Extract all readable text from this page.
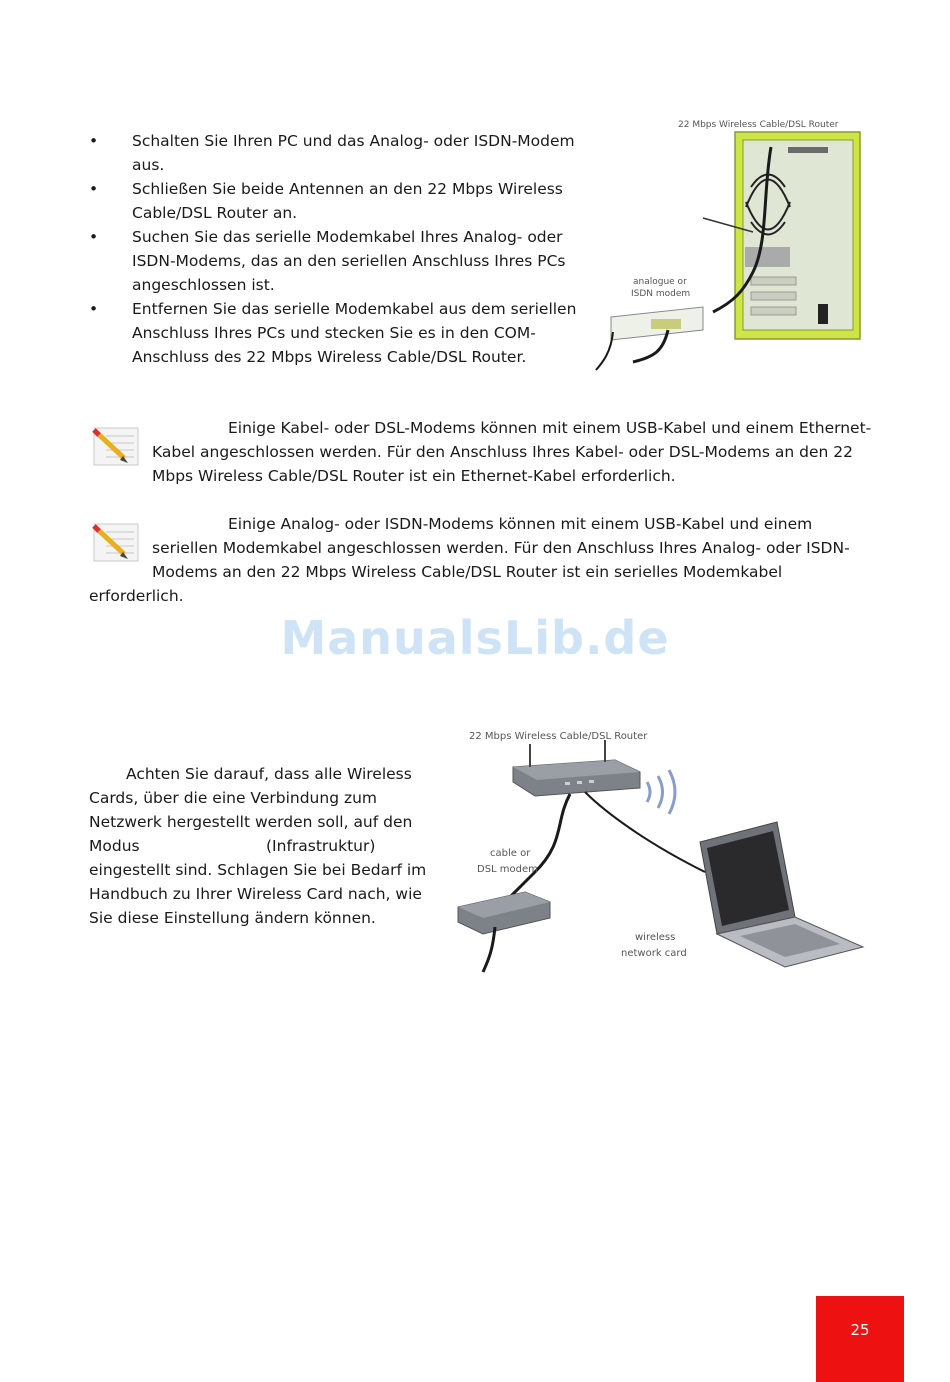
• Schalten Sie Ihren PC und das Analog- oder ISDN-Modem aus.
• Schließen Sie beide Antennen an den 22 Mbps Wireless Cable/DSL Router an.
• Suchen Sie das serielle Modemkabel Ihres Analog- oder ISDN-Modems, das an den seriellen Anschluss Ihres PCs angeschlossen ist.
• Entfernen Sie das serielle Modemkabel aus dem seriellen Anschluss Ihres PCs und stecken Sie es in den COM-Anschluss des 22 Mbps Wireless Cable/DSL Router.
22 Mbps Wireless Cable/DSL Router
analogue or
ISDN modem
Einige Kabel- oder DSL-Modems können mit einem USB-Kabel und einem Ethernet-Kabel angeschlossen werden. Für den Anschluss Ihres Kabel- oder DSL-Modems an den 22 Mbps Wireless Cable/DSL Router ist ein Ethernet-Kabel erforderlich.
Einige Analog- oder ISDN-Modems können mit einem USB-Kabel und einem seriellen Modemkabel angeschlossen werden. Für den Anschluss Ihres Analog- oder ISDN-Modems an den 22 Mbps Wireless Cable/DSL Router ist ein serielles Modemkabel
erforderlich.
ManualsLib.de

Achten Sie darauf, dass alle Wireless

Cards, über die eine Verbindung zum

Netzwerk hergestellt werden soll, auf den

Modus	(Infrastruktur)

eingestellt sind. Schlagen Sie bei Bedarf im

Handbuch zu Ihrer Wireless Card nach, wie

Sie diese Einstellung ändern können.

22 Mbps Wireless Cable/DSL Router
cable or
DSL modem
wireless
network card
25
